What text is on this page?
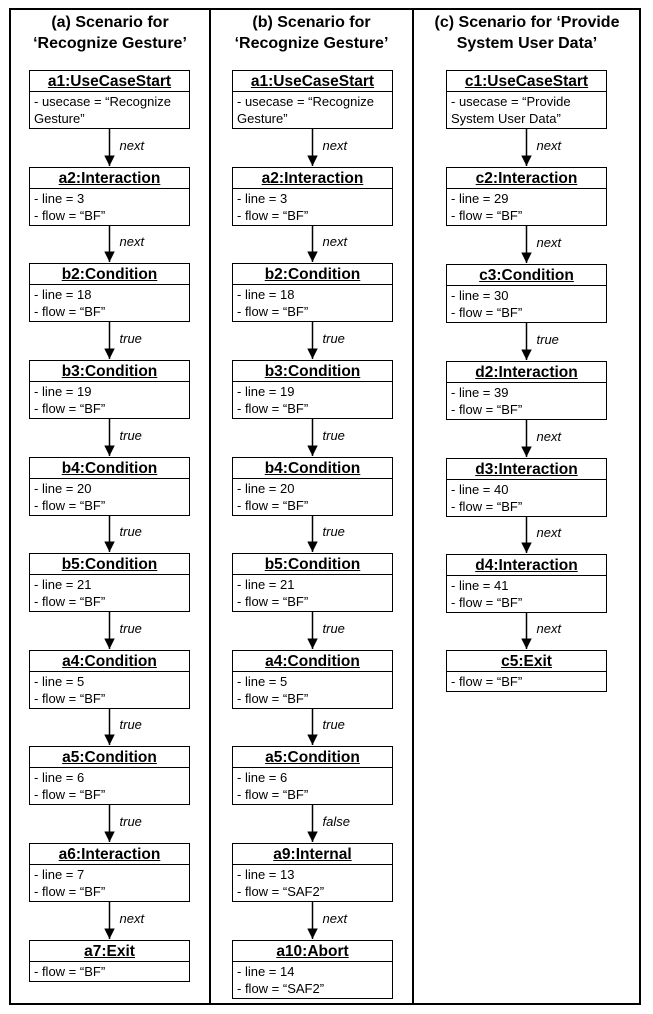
(a) Scenario for
‘Recognize Gesture’
(b) Scenario for
‘Recognize Gesture’
(c) Scenario for ‘Provide
System User Data’
a1:UseCaseStart
- usecase = “Recognize
Gesture”
a2:Interaction
- line = 3
- flow = “BF”
b2:Condition
- line = 18
- flow = “BF”
b3:Condition
- line = 19
- flow = “BF”
b4:Condition
- line = 20
- flow = “BF”
b5:Condition
- line = 21
- flow = “BF”
a4:Condition
- line = 5
- flow = “BF”
a5:Condition
- line = 6
- flow = “BF”
a6:Interaction
- line = 7
- flow = “BF”
a7:Exit
- flow = “BF”
next
next
true
true
true
true
true
true
next
a1:UseCaseStart
- usecase = “Recognize
Gesture”
a2:Interaction
- line = 3
- flow = “BF”
b2:Condition
- line = 18
- flow = “BF”
b3:Condition
- line = 19
- flow = “BF”
b4:Condition
- line = 20
- flow = “BF”
b5:Condition
- line = 21
- flow = “BF”
a4:Condition
- line = 5
- flow = “BF”
a5:Condition
- line = 6
- flow = “BF”
a9:Internal
- line = 13
- flow = “SAF2”
a10:Abort
- line = 14
- flow = “SAF2”
next
next
true
true
true
true
true
false
next
c1:UseCaseStart
- usecase = “Provide
System User Data”
c2:Interaction
- line = 29
- flow = “BF”
c3:Condition
- line = 30
- flow = “BF”
d2:Interaction
- line = 39
- flow = “BF”
d3:Interaction
- line = 40
- flow = “BF”
d4:Interaction
- line = 41
- flow = “BF”
c5:Exit
- flow = “BF”
next
next
true
next
next
next
